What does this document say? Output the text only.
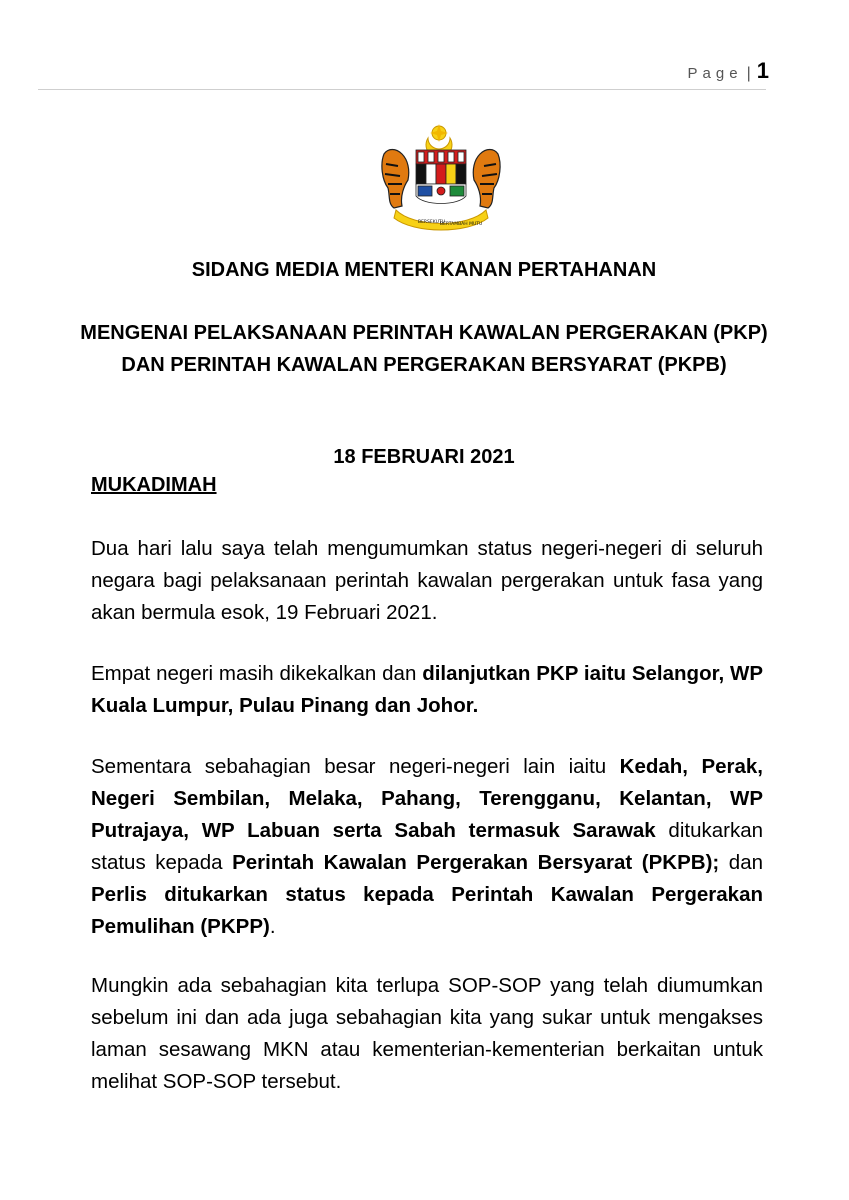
Page | 1
BERSEKUTU
BERTAMBAH MUTU
SIDANG MEDIA MENTERI KANAN PERTAHANAN
MENGENAI PELAKSANAAN PERINTAH KAWALAN PERGERAKAN (PKP) DAN PERINTAH KAWALAN PERGERAKAN BERSYARAT (PKPB)
18 FEBRUARI 2021
MUKADIMAH

Dua hari lalu saya telah mengumumkan status negeri-negeri di seluruh negara bagi pelaksanaan perintah kawalan pergerakan untuk fasa yang akan bermula esok, 19 Februari 2021.

Empat negeri masih dikekalkan dan dilanjutkan PKP iaitu Selangor, WP Kuala Lumpur, Pulau Pinang dan Johor.

Sementara sebahagian besar negeri-negeri lain iaitu Kedah, Perak, Negeri Sembilan, Melaka, Pahang, Terengganu, Kelantan, WP Putrajaya, WP Labuan serta Sabah termasuk Sarawak ditukarkan status kepada Perintah Kawalan Pergerakan Bersyarat (PKPB); dan Perlis ditukarkan status kepada Perintah Kawalan Pergerakan Pemulihan (PKPP).

Mungkin ada sebahagian kita terlupa SOP-SOP yang telah diumumkan sebelum ini dan ada juga sebahagian kita yang sukar untuk mengakses laman sesawang MKN atau kementerian-kementerian berkaitan untuk melihat SOP-SOP tersebut.
